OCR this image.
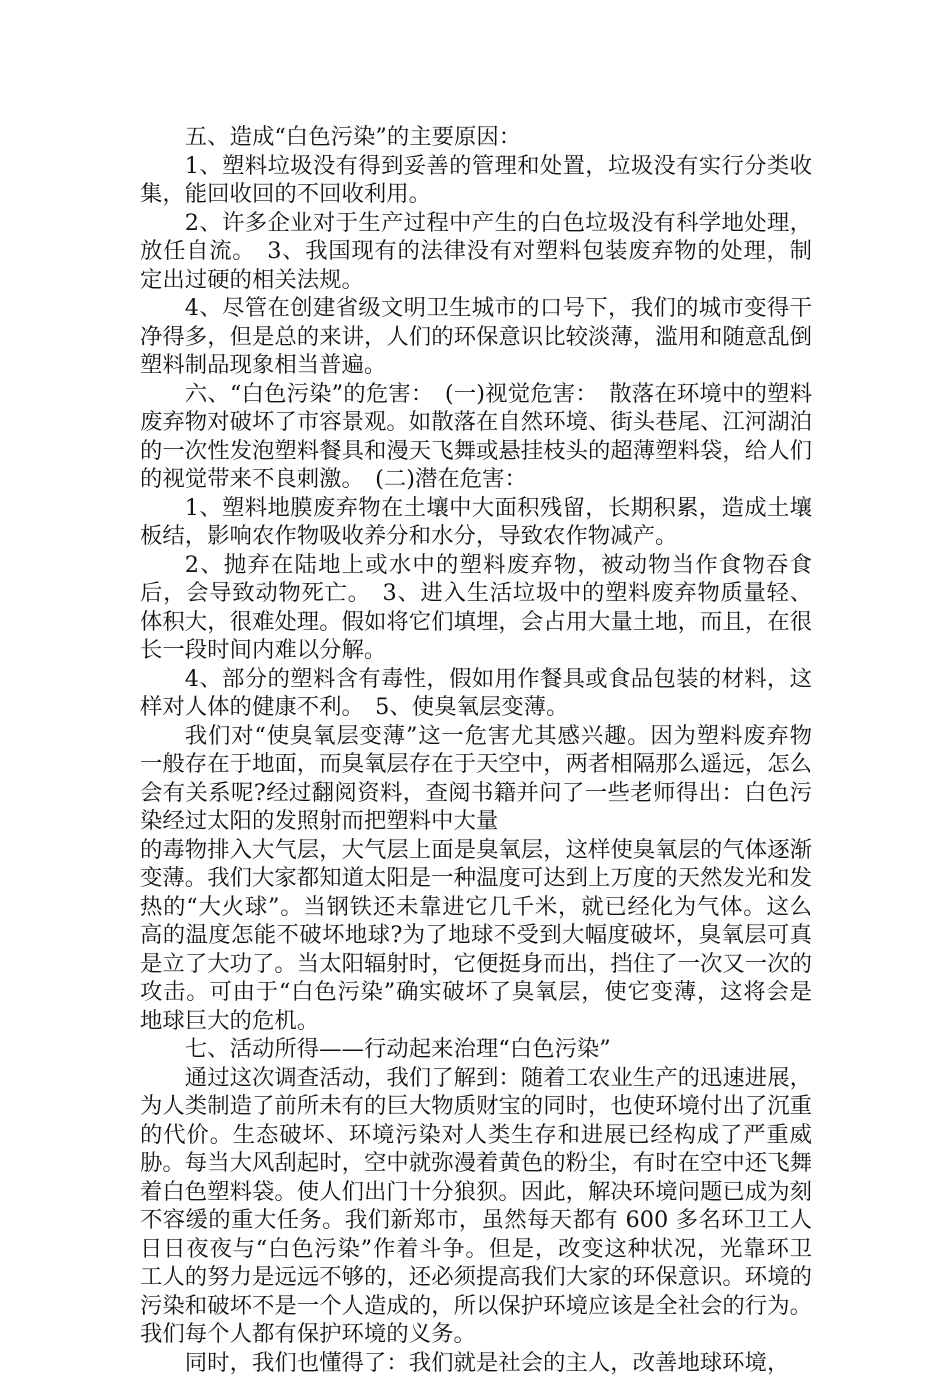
五、造成“白色污染”的主要原因：

1、塑料垃圾没有得到妥善的管理和处置，垃圾没有实行分类收集，能回收回的不回收利用。

2、许多企业对于生产过程中产生的白色垃圾没有科学地处理，放任自流。　3、我国现有的法律没有对塑料包装废弃物的处理，制定出过硬的相关法规。

4、尽管在创建省级文明卫生城市的口号下，我们的城市变得干净得多，但是总的来讲，人们的环保意识比较淡薄，滥用和随意乱倒塑料制品现象相当普遍。

六、“白色污染”的危害：　(一)视觉危害：　散落在环境中的塑料废弃物对破坏了市容景观。如散落在自然环境、街头巷尾、江河湖泊的一次性发泡塑料餐具和漫天飞舞或悬挂枝头的超薄塑料袋，给人们的视觉带来不良刺激。　(二)潜在危害：

1、塑料地膜废弃物在土壤中大面积残留，长期积累，造成土壤板结，影响农作物吸收养分和水分，导致农作物减产。

2、抛弃在陆地上或水中的塑料废弃物，被动物当作食物吞食后，会导致动物死亡。　3、进入生活垃圾中的塑料废弃物质量轻、体积大，很难处理。假如将它们填埋，会占用大量土地，而且，在很长一段时间内难以分解。

4、部分的塑料含有毒性，假如用作餐具或食品包装的材料，这样对人体的健康不利。　5、使臭氧层变薄。

我们对“使臭氧层变薄”这一危害尤其感兴趣。因为塑料废弃物一般存在于地面，而臭氧层存在于天空中，两者相隔那么遥远，怎么会有关系呢?经过翻阅资料，查阅书籍并问了一些老师得出：白色污染经过太阳的发照射而把塑料中大量

的毒物排入大气层，大气层上面是臭氧层，这样使臭氧层的气体逐渐变薄。我们大家都知道太阳是一种温度可达到上万度的天然发光和发热的“大火球”。当钢铁还未靠进它几千米，就已经化为气体。这么高的温度怎能不破坏地球?为了地球不受到大幅度破坏，臭氧层可真是立了大功了。当太阳辐射时，它便挺身而出，挡住了一次又一次的攻击。可由于“白色污染”确实破坏了臭氧层，使它变薄，这将会是地球巨大的危机。

七、活动所得——行动起来治理“白色污染”

通过这次调查活动，我们了解到：随着工农业生产的迅速进展，为人类制造了前所未有的巨大物质财宝的同时，也使环境付出了沉重的代价。生态破坏、环境污染对人类生存和进展已经构成了严重威胁。每当大风刮起时，空中就弥漫着黄色的粉尘，有时在空中还飞舞着白色塑料袋。使人们出门十分狼狈。因此，解决环境问题已成为刻不容缓的重大任务。我们新郑市，虽然每天都有 600 多名环卫工人日日夜夜与“白色污染”作着斗争。但是，改变这种状况，光靠环卫工人的努力是远远不够的，还必须提高我们大家的环保意识。环境的污染和破坏不是一个人造成的，所以保护环境应该是全社会的行为。我们每个人都有保护环境的义务。

同时，我们也懂得了：我们就是社会的主人，改善地球环境，
